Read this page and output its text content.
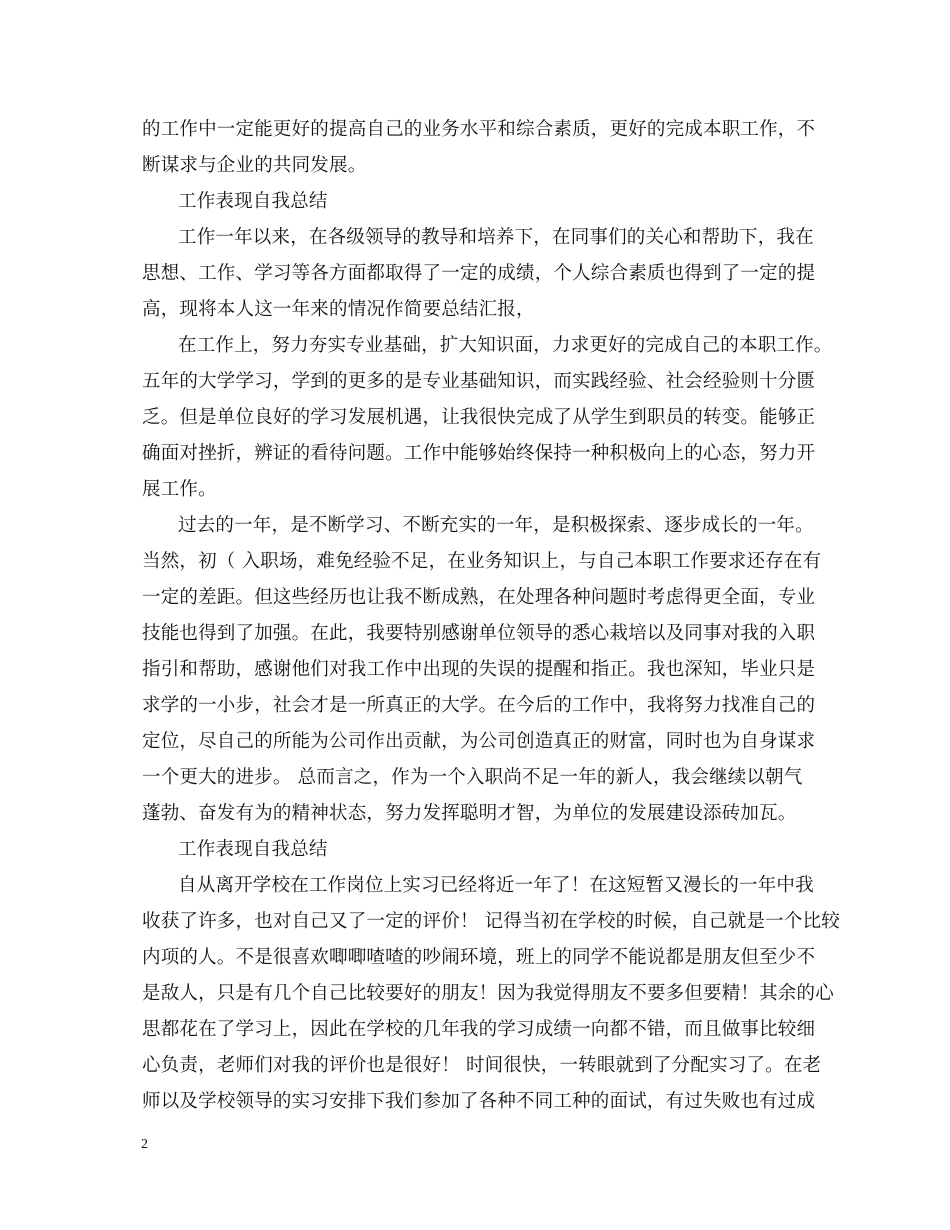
的工作中一定能更好的提高自己的业务水平和综合素质，更好的完成本职工作，不
断谋求与企业的共同发展。
工作表现自我总结
工作一年以来，在各级领导的教导和培养下，在同事们的关心和帮助下，我在
思想、工作、学习等各方面都取得了一定的成绩，个人综合素质也得到了一定的提
高，现将本人这一年来的情况作简要总结汇报，
在工作上，努力夯实专业基础，扩大知识面，力求更好的完成自己的本职工作。
五年的大学学习，学到的更多的是专业基础知识，而实践经验、社会经验则十分匮
乏。但是单位良好的学习发展机遇，让我很快完成了从学生到职员的转变。能够正
确面对挫折，辨证的看待问题。工作中能够始终保持一种积极向上的心态，努力开
展工作。
过去的一年，是不断学习、不断充实的一年，是积极探索、逐步成长的一年。
当然，初（ 入职场，难免经验不足，在业务知识上，与自己本职工作要求还存在有
一定的差距。但这些经历也让我不断成熟，在处理各种问题时考虑得更全面，专业
技能也得到了加强。在此，我要特别感谢单位领导的悉心栽培以及同事对我的入职
指引和帮助，感谢他们对我工作中出现的失误的提醒和指正。我也深知，毕业只是
求学的一小步，社会才是一所真正的大学。在今后的工作中，我将努力找准自己的
定位，尽自己的所能为公司作出贡献，为公司创造真正的财富，同时也为自身谋求
一个更大的进步。 总而言之，作为一个入职尚不足一年的新人，我会继续以朝气
蓬勃、奋发有为的精神状态，努力发挥聪明才智，为单位的发展建设添砖加瓦。
工作表现自我总结
自从离开学校在工作岗位上实习已经将近一年了！在这短暂又漫长的一年中我
收获了许多，也对自己又了一定的评价！ 记得当初在学校的时候，自己就是一个比较
内项的人。不是很喜欢唧唧喳喳的吵闹环境，班上的同学不能说都是朋友但至少不
是敌人，只是有几个自己比较要好的朋友！因为我觉得朋友不要多但要精！其余的心
思都花在了学习上，因此在学校的几年我的学习成绩一向都不错，而且做事比较细
心负责，老师们对我的评价也是很好！ 时间很快，一转眼就到了分配实习了。在老
师以及学校领导的实习安排下我们参加了各种不同工种的面试，有过失败也有过成
2
